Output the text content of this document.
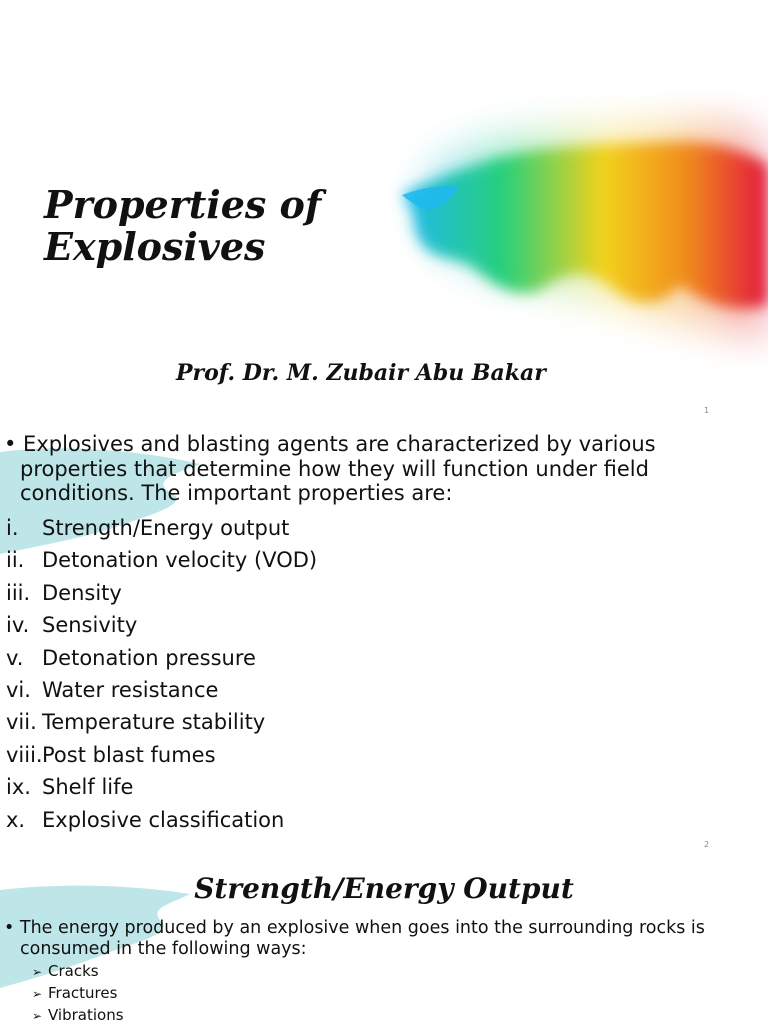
Properties of
Explosives
Prof. Dr. M. Zubair Abu Bakar
1

• Explosives and blasting agents are characterized by various properties that determine how they will function under field conditions. The important properties are:

i. Strength/Energy output
ii. Detonation velocity (VOD)
iii. Density
iv. Sensivity
v. Detonation pressure
vi. Water resistance
vii. Temperature stability
viii.Post blast fumes
ix. Shelf life
x. Explosive classification
2
Strength/Energy Output

• The energy produced by an explosive when goes into the surrounding rocks is consumed in the following ways:

➢ Cracks
➢ Fractures
➢ Vibrations
